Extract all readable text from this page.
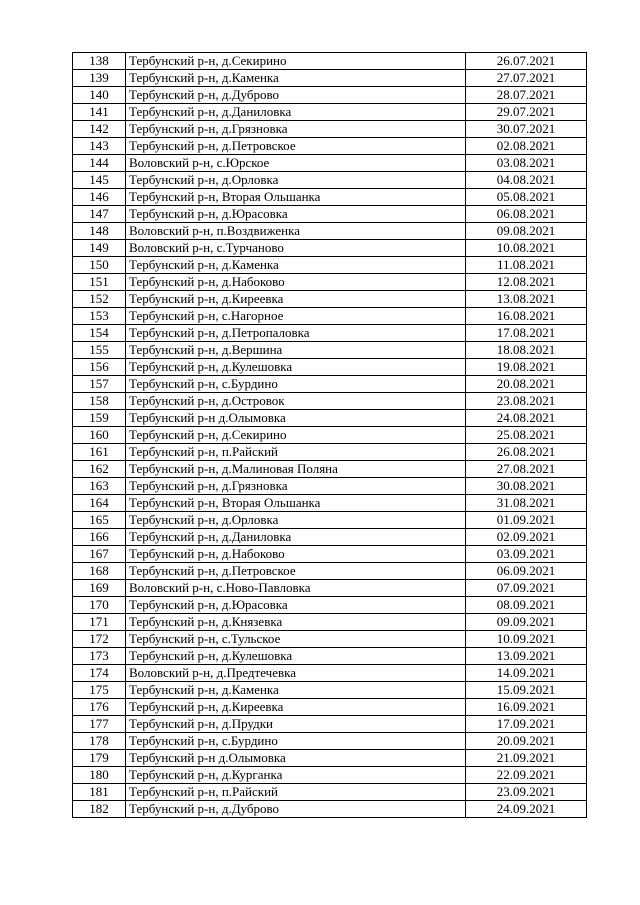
138	Тербунский р-н, д.Секирино	26.07.2021
139	Тербунский р-н, д.Каменка	27.07.2021
140	Тербунский р-н, д.Дуброво	28.07.2021
141	Тербунский р-н, д.Даниловка	29.07.2021
142	Тербунский р-н, д.Грязновка	30.07.2021
143	Тербунский р-н, д.Петровское	02.08.2021
144	Воловский р-н, с.Юрское	03.08.2021
145	Тербунский р-н, д.Орловка	04.08.2021
146	Тербунский р-н, Вторая Ольшанка	05.08.2021
147	Тербунский р-н, д.Юрасовка	06.08.2021
148	Воловский р-н, п.Воздвиженка	09.08.2021
149	Воловский р-н, с.Турчаново	10.08.2021
150	Тербунский р-н, д.Каменка	11.08.2021
151	Тербунский р-н, д.Набоково	12.08.2021
152	Тербунский р-н, д.Киреевка	13.08.2021
153	Тербунский р-н, с.Нагорное	16.08.2021
154	Тербунский р-н, д.Петропаловка	17.08.2021
155	Тербунский р-н, д.Вершина	18.08.2021
156	Тербунский р-н, д.Кулешовка	19.08.2021
157	Тербунский р-н, с.Бурдино	20.08.2021
158	Тербунский р-н, д.Островок	23.08.2021
159	Тербунский р-н д.Олымовка	24.08.2021
160	Тербунский р-н, д.Секирино	25.08.2021
161	Тербунский р-н, п.Райский	26.08.2021
162	Тербунский р-н, д.Малиновая Поляна	27.08.2021
163	Тербунский р-н, д.Грязновка	30.08.2021
164	Тербунский р-н, Вторая Ольшанка	31.08.2021
165	Тербунский р-н, д.Орловка	01.09.2021
166	Тербунский р-н, д.Даниловка	02.09.2021
167	Тербунский р-н, д.Набоково	03.09.2021
168	Тербунский р-н, д.Петровское	06.09.2021
169	Воловский р-н, с.Ново-Павловка	07.09.2021
170	Тербунский р-н, д.Юрасовка	08.09.2021
171	Тербунский р-н, д.Князевка	09.09.2021
172	Тербунский р-н, с.Тульское	10.09.2021
173	Тербунский р-н, д.Кулешовка	13.09.2021
174	Воловский р-н, д.Предтечевка	14.09.2021
175	Тербунский р-н, д.Каменка	15.09.2021
176	Тербунский р-н, д.Киреевка	16.09.2021
177	Тербунский р-н, д.Прудки	17.09.2021
178	Тербунский р-н, с.Бурдино	20.09.2021
179	Тербунский р-н д.Олымовка	21.09.2021
180	Тербунский р-н, д.Курганка	22.09.2021
181	Тербунский р-н, п.Райский	23.09.2021
182	Тербунский р-н, д.Дуброво	24.09.2021
